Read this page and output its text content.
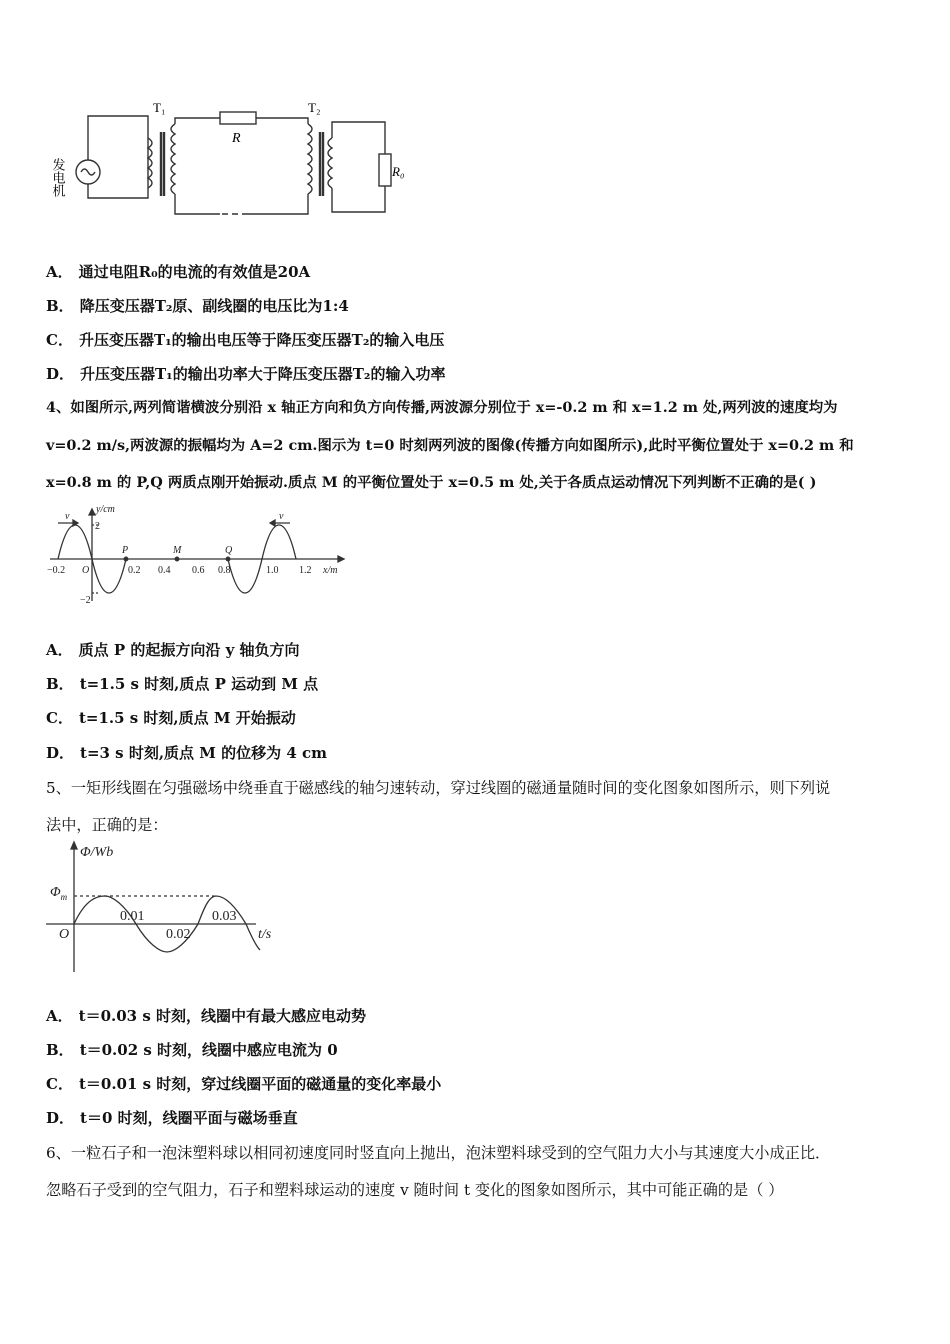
发电机
T₁	T₂
R
R₀
A． 通过电阻R₀的电流的有效值是20A
B． 降压变压器T₂原、副线圈的电压比为1:4
C． 升压变压器T₁的输出电压等于降压变压器T₂的输入电压
D． 升压变压器T₁的输出功率大于降压变压器T₂的输入功率
4、如图所示,两列简谐横波分别沿 x 轴正方向和负方向传播,两波源分别位于 x=-0.2 m 和 x=1.2 m 处,两列波的速度均为
v=0.2 m/s,两波源的振幅均为 A=2 cm.图示为 t=0 时刻两列波的图像(传播方向如图所示),此时平衡位置处于 x=0.2 m 和
x=0.8 m 的 P,Q 两质点刚开始振动.质点 M 的平衡位置处于 x=0.5 m 处,关于各质点运动情况下列判断不正确的是( )
y/cm
x/m
v	v
P	M	Q
O
2
−2
−0.2	0.2 0.4 0.6 0.8	1.0 1.2
A． 质点 P 的起振方向沿 y 轴负方向
B． t=1.5 s 时刻,质点 P 运动到 M 点
C． t=1.5 s 时刻,质点 M 开始振动
D． t=3 s 时刻,质点 M 的位移为 4 cm
5、一矩形线圈在匀强磁场中绕垂直于磁感线的轴匀速转动，穿过线圈的磁通量随时间的变化图象如图所示，则下列说
法中，正确的是：
Φ/Wb
$\Phi_m$
O
0.01
0.02
0.03
t/s
A． t＝0.03 s 时刻，线圈中有最大感应电动势
B． t＝0.02 s 时刻，线圈中感应电流为 0
C． t＝0.01 s 时刻，穿过线圈平面的磁通量的变化率最小
D． t＝0 时刻，线圈平面与磁场垂直
6、一粒石子和一泡沫塑料球以相同初速度同时竖直向上抛出，泡沫塑料球受到的空气阻力大小与其速度大小成正比．
忽略石子受到的空气阻力，石子和塑料球运动的速度 v 随时间 t 变化的图象如图所示，其中可能正确的是（ ）
